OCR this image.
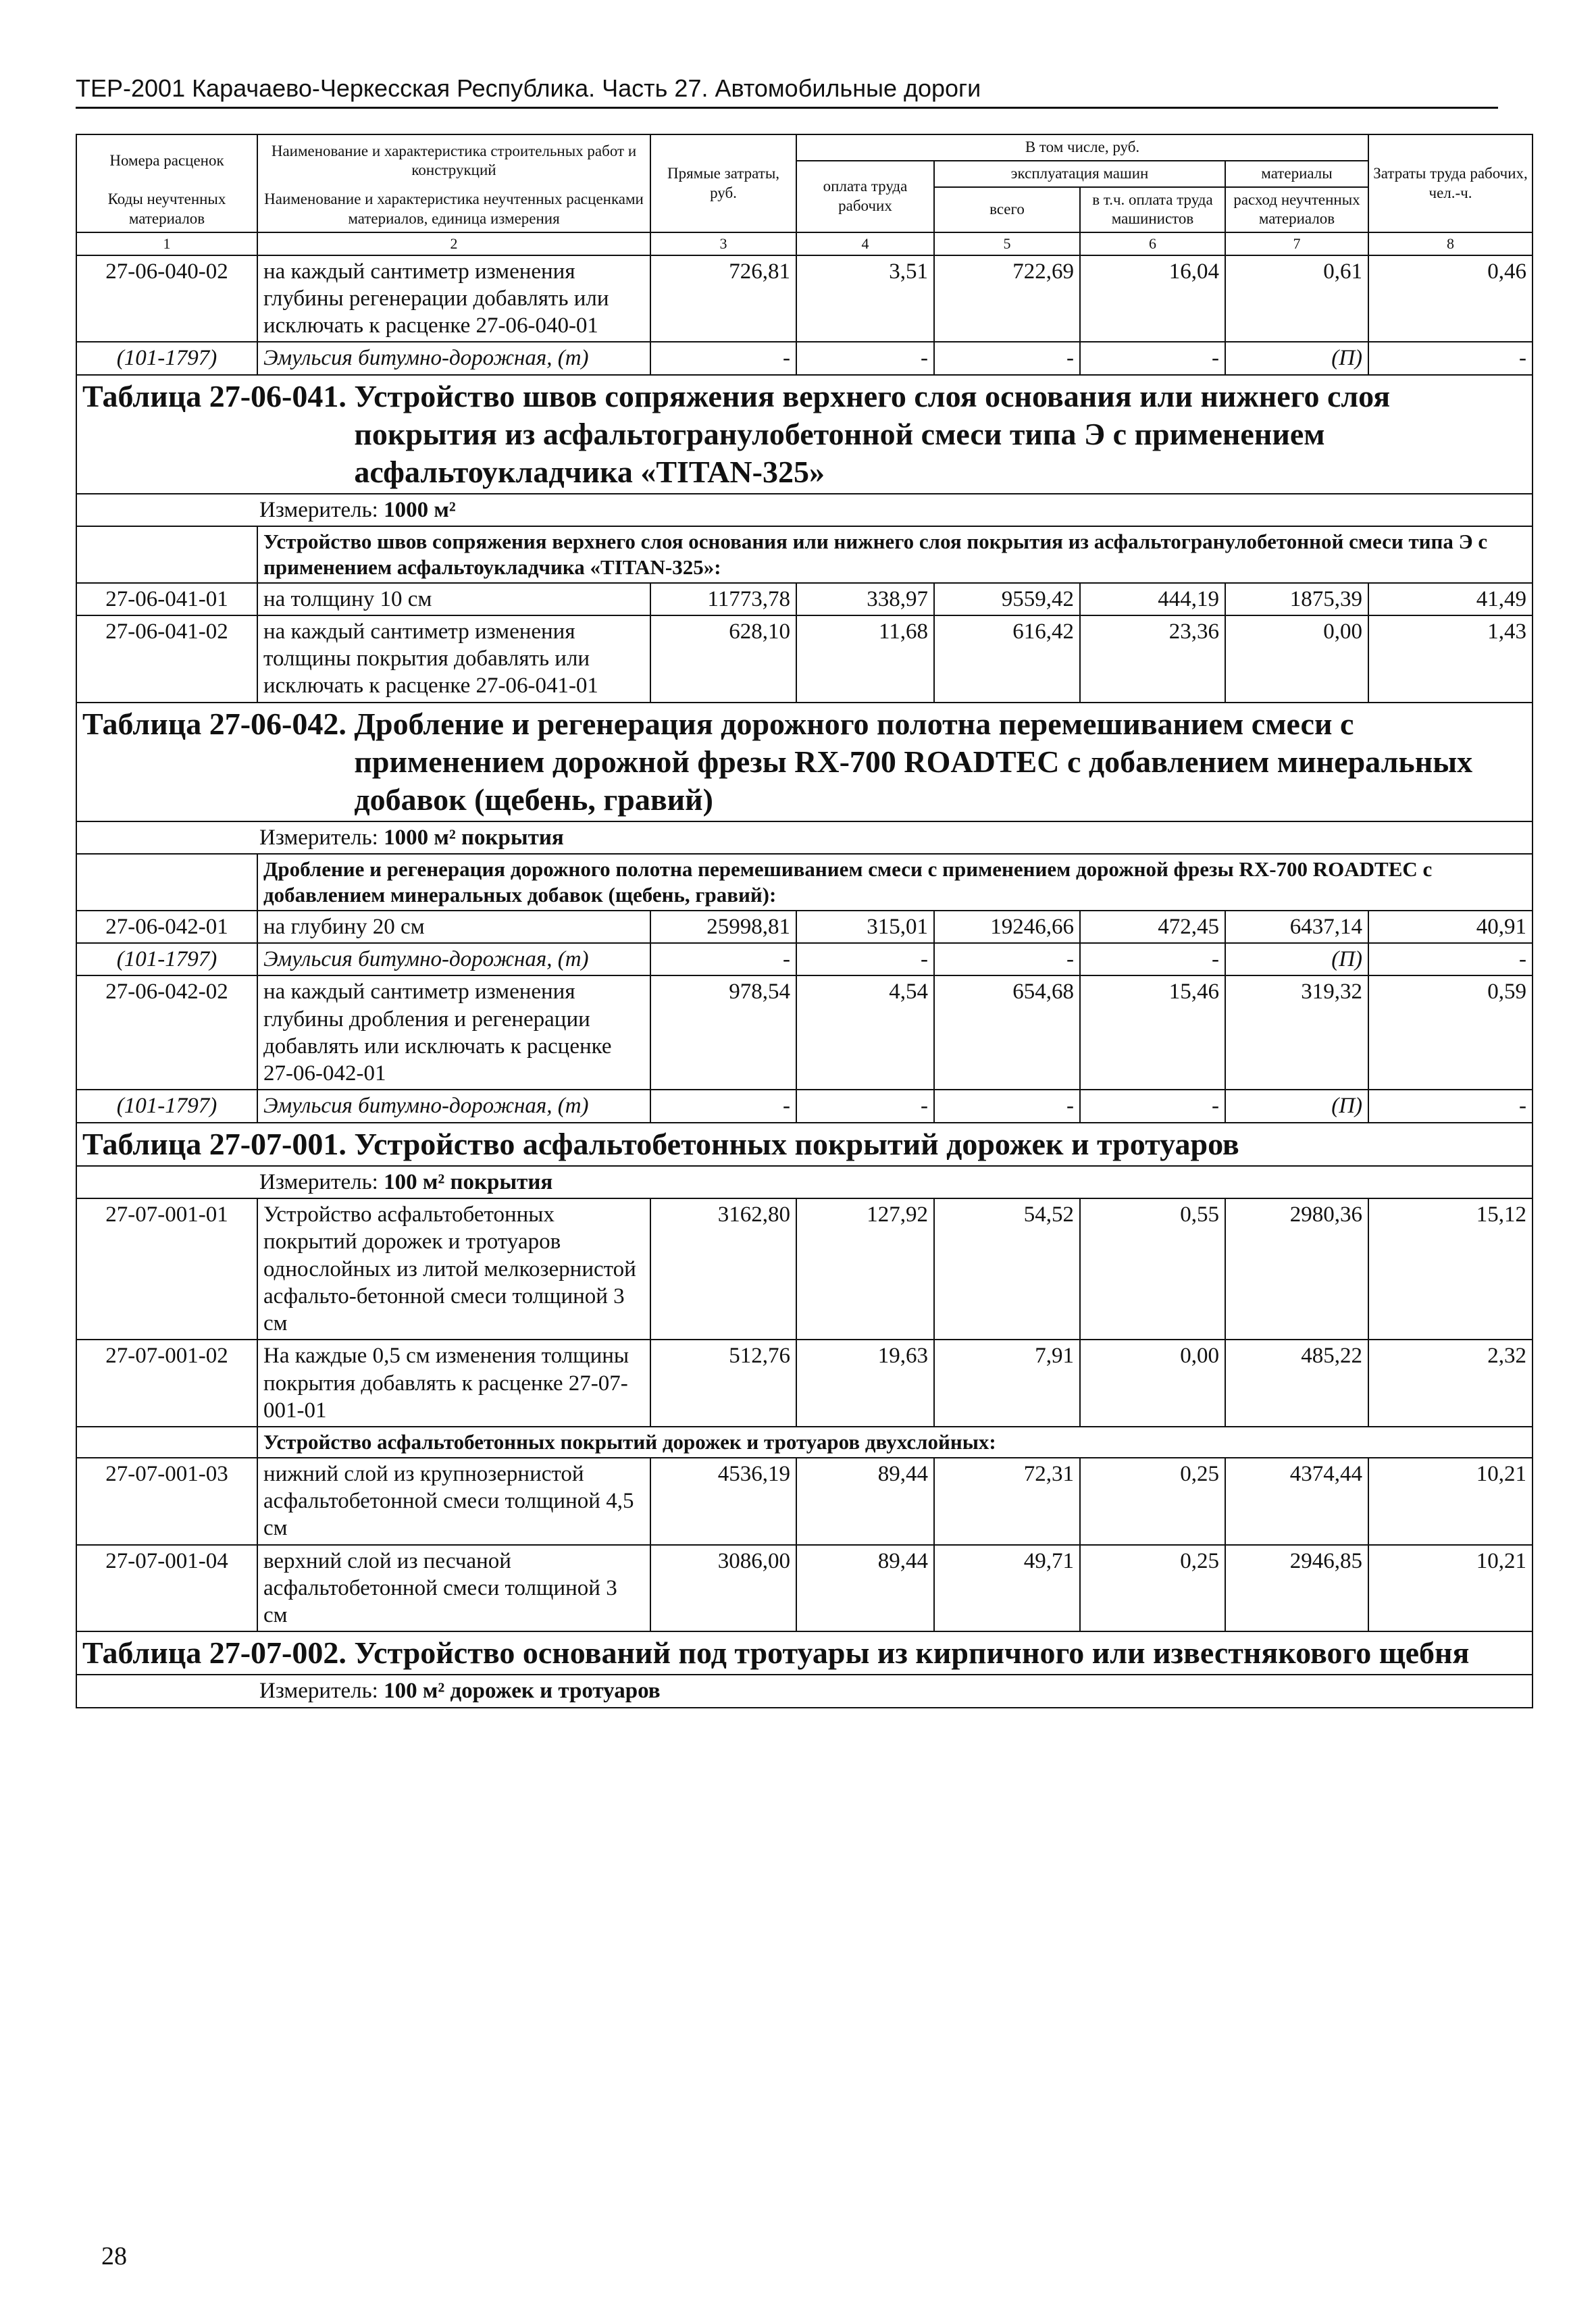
ТЕР-2001 Карачаево-Черкесская Республика. Часть 27. Автомобильные дороги
Номера расценок	Наименование и характеристика строительных работ и конструкций	Прямые затраты, руб.	В том числе, руб.				Затраты труда рабочих, чел.-ч.
			оплата труда рабочих	эксплуатация машин		материалы	
Коды неучтенных материалов	Наименование и характеристика неучтенных расценками материалов, единица измерения			всего	в т.ч. оплата труда машинистов	расход неучтенных материалов	

1	2	3	4	5	6	7	8
27-06-040-02	на каждый сантиметр изменения глубины регенерации добавлять или исключать к расценке 27-06-040-01	726,81	3,51	722,69	16,04	0,61	0,46
(101-1797)	Эмульсия битумно-дорожная, (т)	-	-	-	-	(П)	-
Таблица 27-06-041. Устройство швов сопряжения верхнего слоя основания или нижнего слоя покрытия из асфальтогранулобетонной смеси типа Э с применением асфальтоукладчика «TITAN-325»							
Измеритель: 1000 м²							
	Устройство швов сопряжения верхнего слоя основания или нижнего слоя покрытия из асфальтогранулобетонной смеси типа Э с применением асфальтоукладчика «TITAN-325»:						
27-06-041-01	на толщину 10 см	11773,78	338,97	9559,42	444,19	1875,39	41,49
27-06-041-02	на каждый сантиметр изменения толщины покрытия добавлять или исключать к расценке 27-06-041-01	628,10	11,68	616,42	23,36	0,00	1,43
Таблица 27-06-042. Дробление и регенерация дорожного полотна перемешиванием смеси с применением дорожной фрезы RX-700 ROADTEC с добавлением минеральных добавок (щебень, гравий)							
Измеритель: 1000 м² покрытия							
	Дробление и регенерация дорожного полотна перемешиванием смеси с применением дорожной фрезы RX-700 ROADTEC с добавлением минеральных добавок (щебень, гравий):						
27-06-042-01	на глубину 20 см	25998,81	315,01	19246,66	472,45	6437,14	40,91
(101-1797)	Эмульсия битумно-дорожная, (т)	-	-	-	-	(П)	-
27-06-042-02	на каждый сантиметр изменения глубины дробления и регенерации добавлять или исключать к расценке 27-06-042-01	978,54	4,54	654,68	15,46	319,32	0,59
(101-1797)	Эмульсия битумно-дорожная, (т)	-	-	-	-	(П)	-
Таблица 27-07-001. Устройство асфальтобетонных покрытий дорожек и тротуаров							
Измеритель: 100 м² покрытия							
27-07-001-01	Устройство асфальтобетонных покрытий дорожек и тротуаров однослойных из литой мелкозернистой асфальто-бетонной смеси толщиной 3 см	3162,80	127,92	54,52	0,55	2980,36	15,12
27-07-001-02	На каждые 0,5 см изменения толщины покрытия добавлять к расценке 27-07-001-01	512,76	19,63	7,91	0,00	485,22	2,32
	Устройство асфальтобетонных покрытий дорожек и тротуаров двухслойных:						
27-07-001-03	нижний слой из крупнозернистой асфальтобетонной смеси толщиной 4,5 см	4536,19	89,44	72,31	0,25	4374,44	10,21
27-07-001-04	верхний слой из песчаной асфальтобетонной смеси толщиной 3 см	3086,00	89,44	49,71	0,25	2946,85	10,21
Таблица 27-07-002. Устройство оснований под тротуары из кирпичного или известнякового щебня							
Измеритель: 100 м² дорожек и тротуаров							
28
